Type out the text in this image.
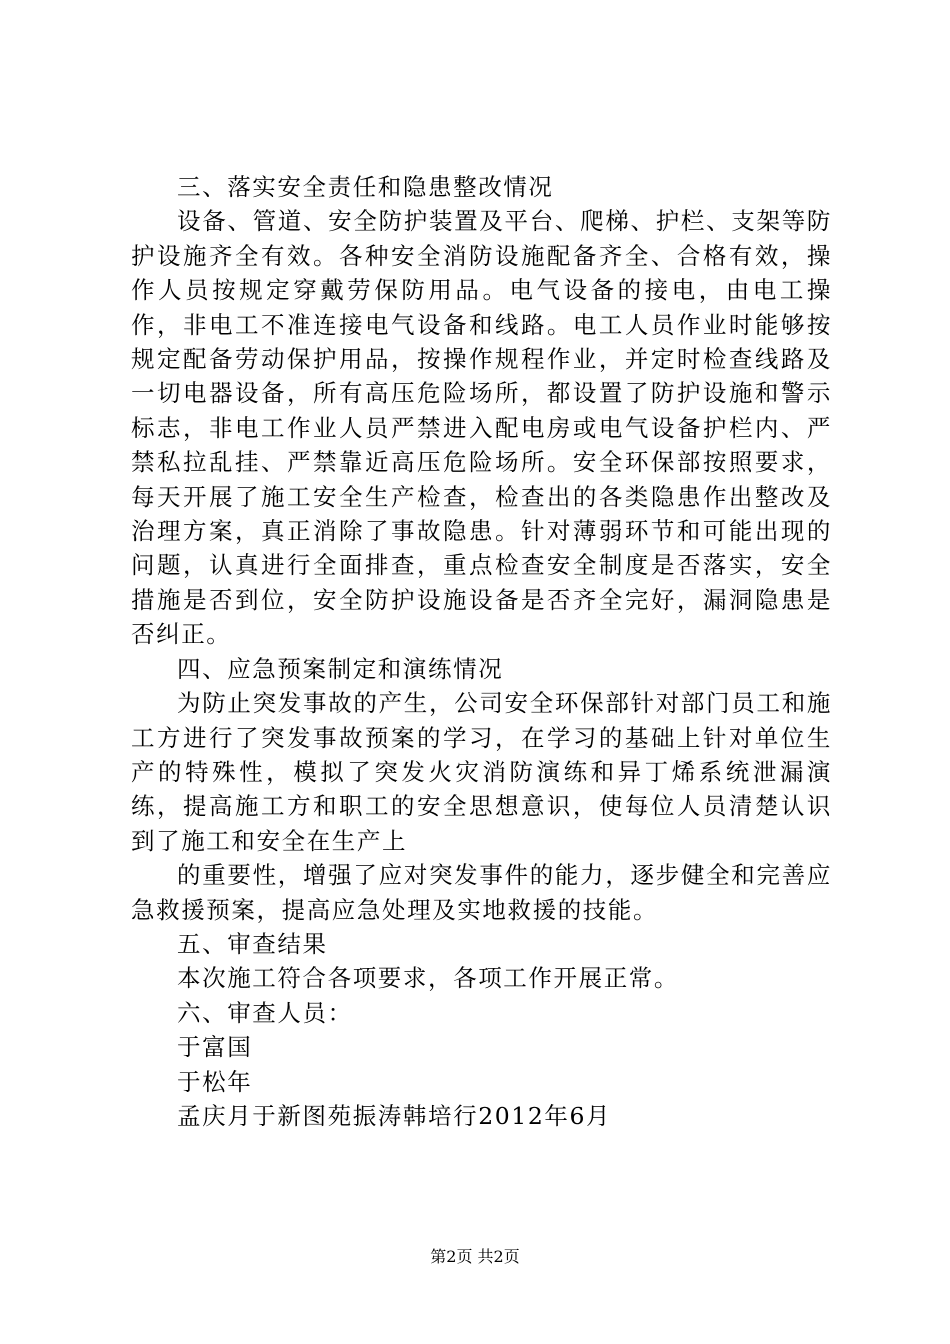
三、落实安全责任和隐患整改情况

设备、管道、安全防护装置及平台、爬梯、护栏、支架等防护设施齐全有效。各种安全消防设施配备齐全、合格有效，操作人员按规定穿戴劳保防用品。电气设备的接电，由电工操作，非电工不准连接电气设备和线路。电工人员作业时能够按规定配备劳动保护用品，按操作规程作业，并定时检查线路及一切电器设备，所有高压危险场所，都设置了防护设施和警示标志，非电工作业人员严禁进入配电房或电气设备护栏内、严禁私拉乱挂、严禁靠近高压危险场所。安全环保部按照要求，每天开展了施工安全生产检查，检查出的各类隐患作出整改及治理方案，真正消除了事故隐患。针对薄弱环节和可能出现的问题，认真进行全面排查，重点检查安全制度是否落实，安全措施是否到位，安全防护设施设备是否齐全完好，漏洞隐患是否纠正。

四、应急预案制定和演练情况

为防止突发事故的产生，公司安全环保部针对部门员工和施工方进行了突发事故预案的学习，在学习的基础上针对单位生产的特殊性，模拟了突发火灾消防演练和异丁烯系统泄漏演练，提高施工方和职工的安全思想意识，使每位人员清楚认识到了施工和安全在生产上

的重要性，增强了应对突发事件的能力，逐步健全和完善应急救援预案，提高应急处理及实地救援的技能。

五、审查结果

本次施工符合各项要求，各项工作开展正常。

六、审查人员：

于富国

于松年

孟庆月于新图苑振涛韩培行2012年6月

第2页 共2页
